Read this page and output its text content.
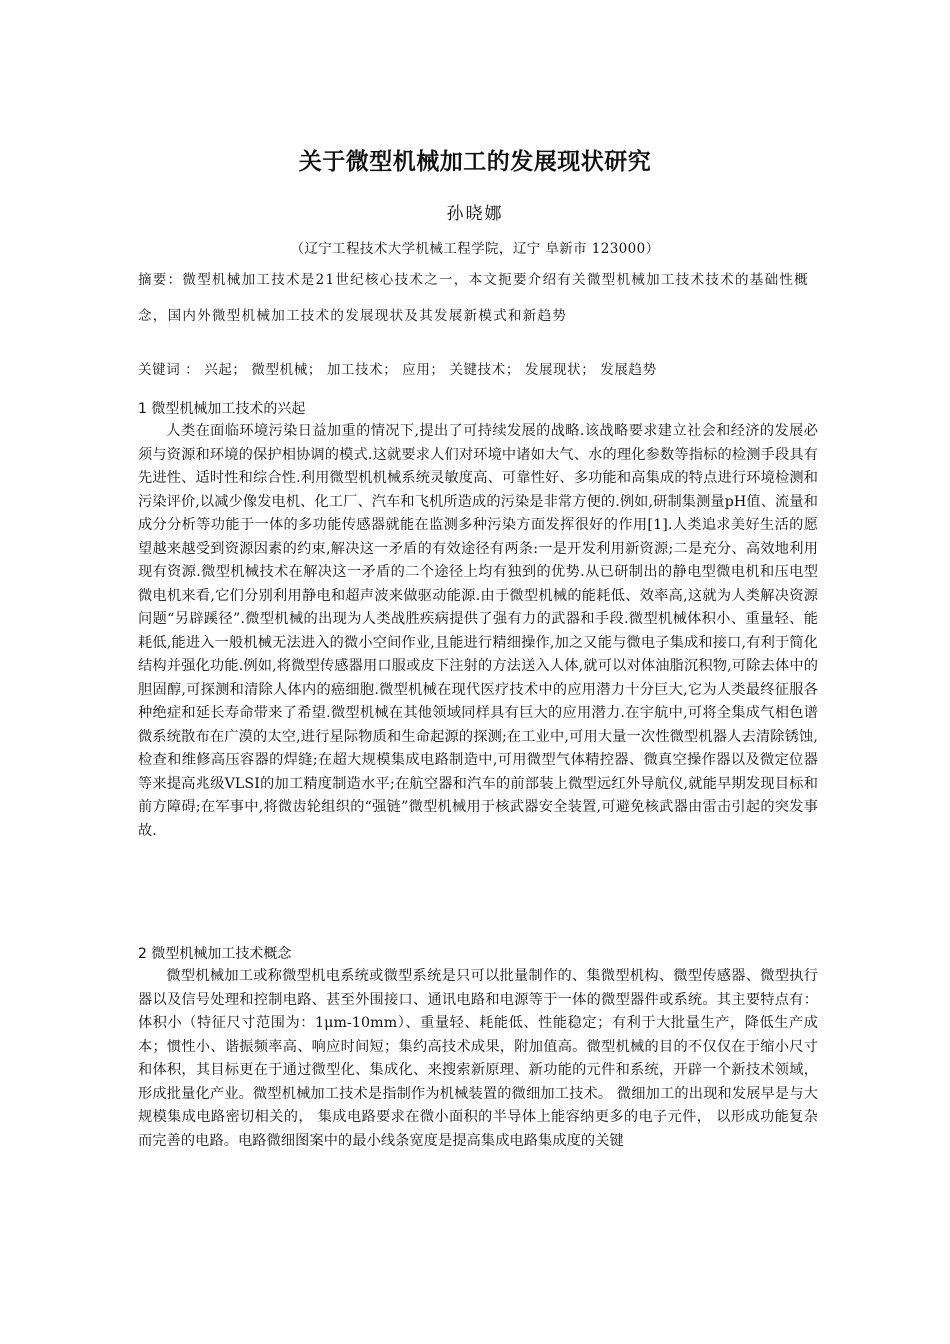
关于微型机械加工的发展现状研究
孙晓娜
（辽宁工程技术大学机械工程学院，辽宁 阜新市 123000）
摘要：微型机械加工技术是21世纪核心技术之一，本文扼要介绍有关微型机械加工技术技术的基础性概念，国内外微型机械加工技术的发展现状及其发展新模式和新趋势
关键词 ： 兴起； 微型机械； 加工技术； 应用； 关键技术； 发展现状； 发展趋势
1 微型机械加工技术的兴起
人类在面临环境污染日益加重的情况下,提出了可持续发展的战略.该战略要求建立社会和经济的发展必须与资源和环境的保护相协调的模式.这就要求人们对环境中诸如大气、水的理化参数等指标的检测手段具有先进性、适时性和综合性.利用微型机机械系统灵敏度高、可靠性好、多功能和高集成的特点进行环境检测和污染评价,以减少像发电机、化工厂、汽车和飞机所造成的污染是非常方便的.例如,研制集测量pH值、流量和成分分析等功能于一体的多功能传感器就能在监测多种污染方面发挥很好的作用[1].人类追求美好生活的愿望越来越受到资源因素的约束,解决这一矛盾的有效途径有两条:一是开发利用新资源;二是充分、高效地利用现有资源.微型机械技术在解决这一矛盾的二个途径上均有独到的优势.从已研制出的静电型微电机和压电型微电机来看,它们分别利用静电和超声波来做驱动能源.由于微型机械的能耗低、效率高,这就为人类解决资源问题“另辟蹊径”.微型机械的出现为人类战胜疾病提供了强有力的武器和手段.微型机械体积小、重量轻、能耗低,能进入一般机械无法进入的微小空间作业,且能进行精细操作,加之又能与微电子集成和接口,有利于简化结构并强化功能.例如,将微型传感器用口服或皮下注射的方法送入人体,就可以对体油脂沉积物,可除去体中的胆固醇,可探测和清除人体内的癌细胞.微型机械在现代医疗技术中的应用潜力十分巨大,它为人类最终征服各种绝症和延长寿命带来了希望.微型机械在其他领域同样具有巨大的应用潜力.在宇航中,可将全集成气相色谱微系统散布在广漠的太空,进行星际物质和生命起源的探测;在工业中,可用大量一次性微型机器人去清除锈蚀,检查和维修高压容器的焊缝;在超大规模集成电路制造中,可用微型气体精控器、微真空操作器以及微定位器等来提高兆级VLSI的加工精度制造水平;在航空器和汽车的前部装上微型远红外导航仪,就能早期发现目标和前方障碍;在军事中,将微齿轮组织的“强链”微型机械用于核武器安全装置,可避免核武器由雷击引起的突发事故.
2 微型机械加工技术概念
微型机械加工或称微型机电系统或微型系统是只可以批量制作的、集微型机构、微型传感器、微型执行器以及信号处理和控制电路、甚至外围接口、通讯电路和电源等于一体的微型器件或系统。其主要特点有：体积小（特征尺寸范围为：1μm-10mm）、重量轻、耗能低、性能稳定；有利于大批量生产，降低生产成本；惯性小、谐振频率高、响应时间短；集约高技术成果，附加值高。微型机械的目的不仅仅在于缩小尺寸和体积，其目标更在于通过微型化、集成化、来搜索新原理、新功能的元件和系统，开辟一个新技术领域，形成批量化产业。微型机械加工技术是指制作为机械装置的微细加工技术。 微细加工的出现和发展早是与大规模集成电路密切相关的， 集成电路要求在微小面积的半导体上能容纳更多的电子元件， 以形成功能复杂而完善的电路。电路微细图案中的最小线条宽度是提高集成电路集成度的关键
